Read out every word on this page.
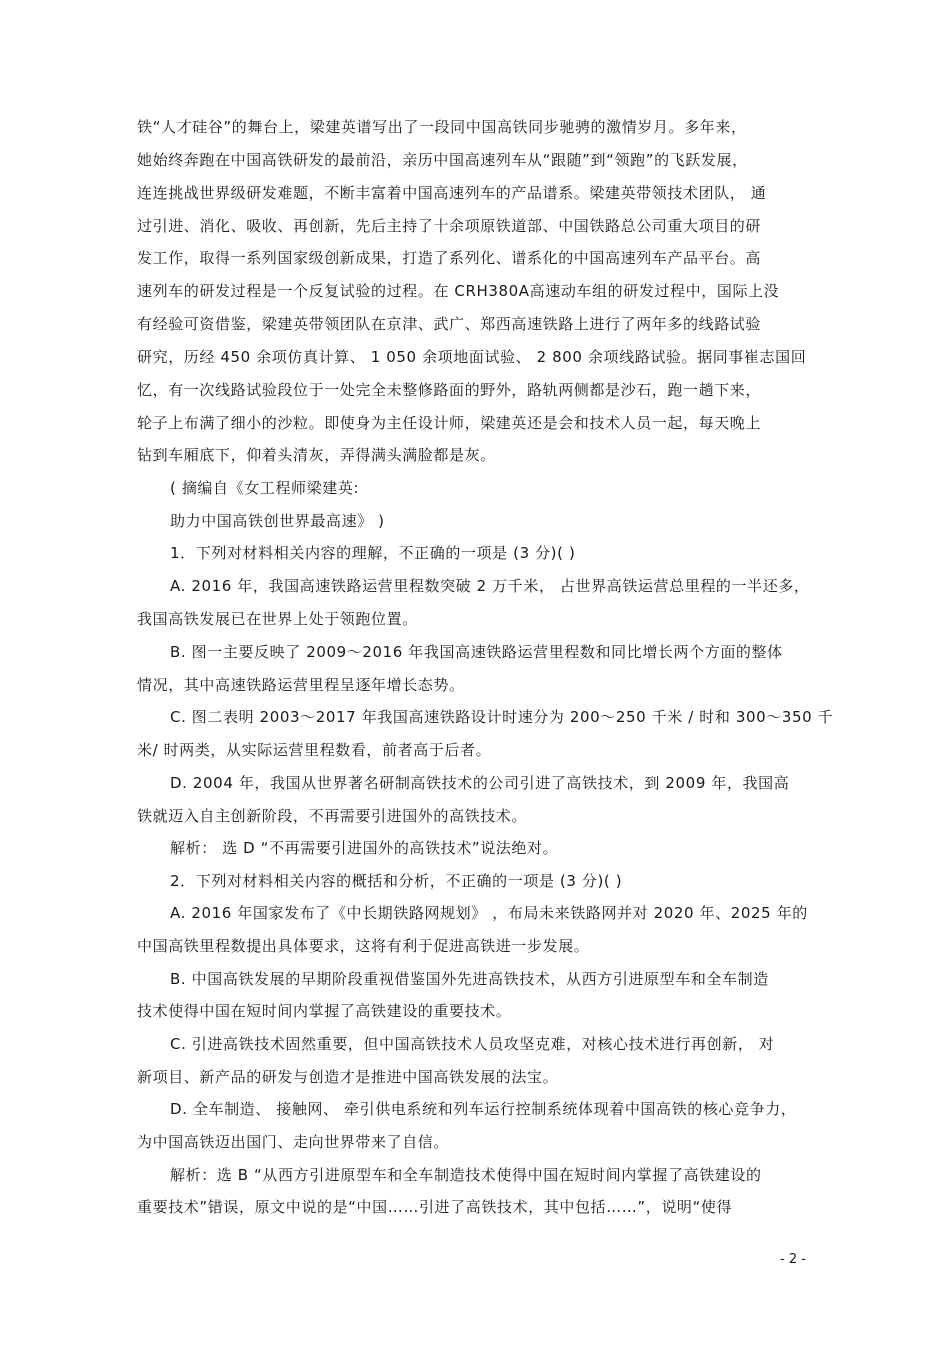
铁“人才硅谷”的舞台上，梁建英谱写出了一段同中国高铁同步驰骋的激情岁月。多年来，
她始终奔跑在中国高铁研发的最前沿，亲历中国高速列车从“跟随”到“领跑”的飞跃发展，
连连挑战世界级研发难题，不断丰富着中国高速列车的产品谱系。梁建英带领技术团队， 通
过引进、消化、吸收、再创新，先后主持了十余项原铁道部、中国铁路总公司重大项目的研
发工作，取得一系列国家级创新成果，打造了系列化、谱系化的中国高速列车产品平台。高
速列车的研发过程是一个反复试验的过程。在 CRH380A高速动车组的研发过程中，国际上没
有经验可资借鉴，梁建英带领团队在京津、武广、郑西高速铁路上进行了两年多的线路试验
研究，历经 450 余项仿真计算、 1 050 余项地面试验、 2 800 余项线路试验。据同事崔志国回
忆，有一次线路试验段位于一处完全未整修路面的野外，路轨两侧都是沙石，跑一趟下来，
轮子上布满了细小的沙粒。即使身为主任设计师，梁建英还是会和技术人员一起，每天晚上
钻到车厢底下，仰着头清灰，弄得满头满脸都是灰。
( 摘编自《女工程师梁建英:
助力中国高铁创世界最高速》 )
1．下列对材料相关内容的理解，不正确的一项是 (3 分)( )
A. 2016 年，我国高速铁路运营里程数突破 2 万千米， 占世界高铁运营总里程的一半还多，
我国高铁发展已在世界上处于领跑位置。
B. 图一主要反映了 2009～2016 年我国高速铁路运营里程数和同比增长两个方面的整体
情况，其中高速铁路运营里程呈逐年增长态势。
C. 图二表明 2003～2017 年我国高速铁路设计时速分为 200～250 千米 / 时和 300～350 千
米/ 时两类，从实际运营里程数看，前者高于后者。
D. 2004 年，我国从世界著名研制高铁技术的公司引进了高铁技术，到 2009 年，我国高
铁就迈入自主创新阶段，不再需要引进国外的高铁技术。
解析： 选 D “不再需要引进国外的高铁技术”说法绝对。
2．下列对材料相关内容的概括和分析，不正确的一项是 (3 分)( )
A. 2016 年国家发布了《中长期铁路网规划》 ，布局未来铁路网并对 2020 年、2025 年的
中国高铁里程数提出具体要求，这将有利于促进高铁进一步发展。
B. 中国高铁发展的早期阶段重视借鉴国外先进高铁技术，从西方引进原型车和全车制造
技术使得中国在短时间内掌握了高铁建设的重要技术。
C. 引进高铁技术固然重要，但中国高铁技术人员攻坚克难，对核心技术进行再创新， 对
新项目、新产品的研发与创造才是推进中国高铁发展的法宝。
D. 全车制造、 接触网、 牵引供电系统和列车运行控制系统体现着中国高铁的核心竞争力，
为中国高铁迈出国门、走向世界带来了自信。
解析：选 B “从西方引进原型车和全车制造技术使得中国在短时间内掌握了高铁建设的
重要技术”错误，原文中说的是“中国……引进了高铁技术，其中包括……”，说明“使得
- 2 -
